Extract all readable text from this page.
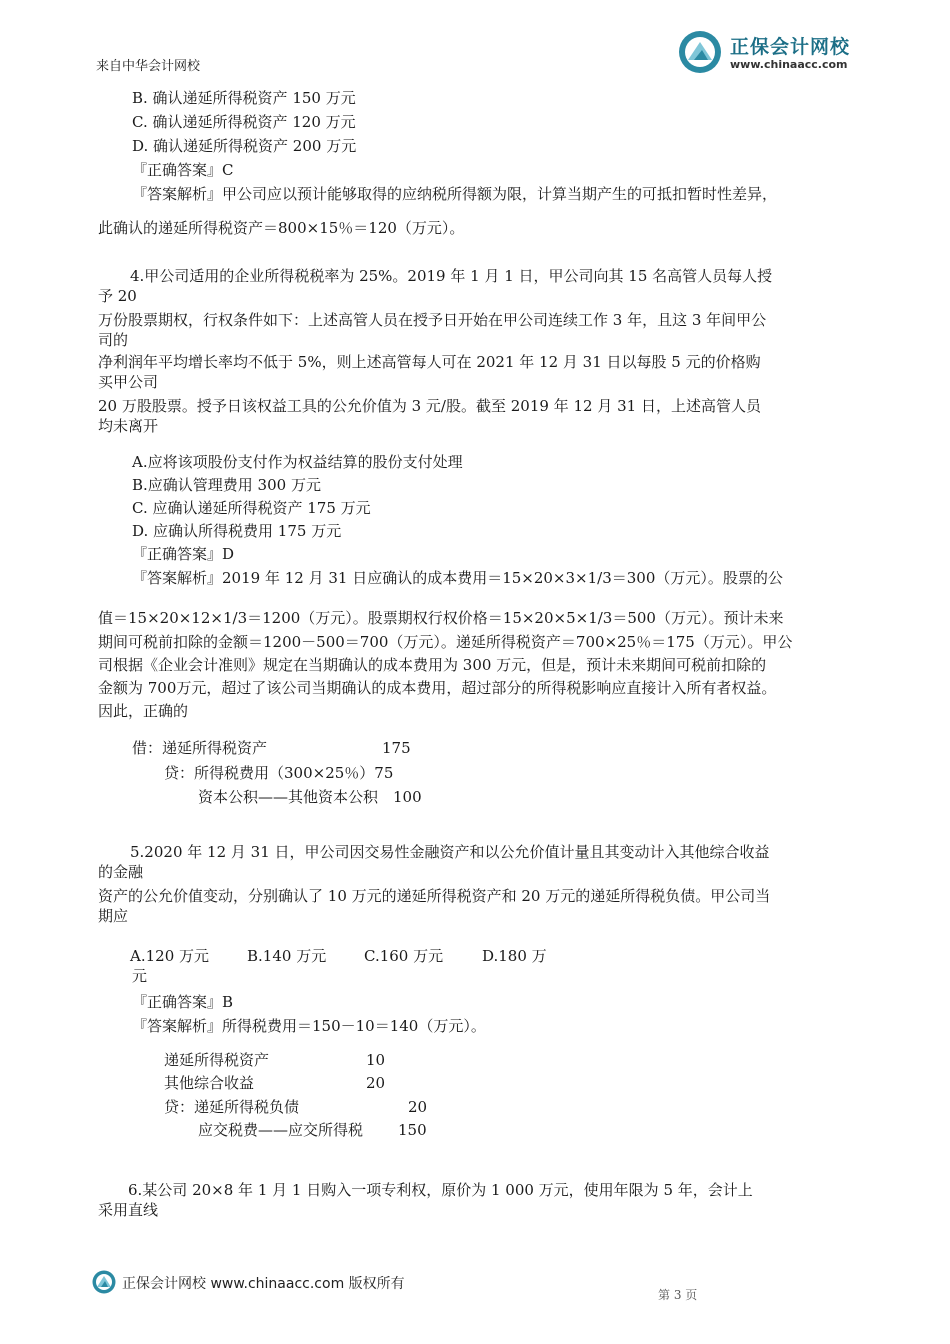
正保会计网校
www.chinaacc.com
来自中华会计网校
B. 确认递延所得税资产 150 万元
C. 确认递延所得税资产 120 万元
D. 确认递延所得税资产 200 万元
『正确答案』C
『答案解析』甲公司应以预计能够取得的应纳税所得额为限，计算当期产生的可抵扣暂时性差异，
此确认的递延所得税资产＝800×15％＝120（万元）。
4.甲公司适用的企业所得税税率为 25%。2019 年 1 月 1 日，甲公司向其 15 名高管人员每人授
予 20
万份股票期权，行权条件如下：上述高管人员在授予日开始在甲公司连续工作 3 年，且这 3 年间甲公
司的
净利润年平均增长率均不低于 5%，则上述高管每人可在 2021 年 12 月 31 日以每股 5 元的价格购
买甲公司
20 万股股票。授予日该权益工具的公允价值为 3 元/股。截至 2019 年 12 月 31 日，上述高管人员
均未离开
A.应将该项股份支付作为权益结算的股份支付处理
B.应确认管理费用 300 万元
C. 应确认递延所得税资产 175 万元
D. 应确认所得税费用 175 万元
『正确答案』D
『答案解析』2019 年 12 月 31 日应确认的成本费用＝15×20×3×1/3＝300（万元）。股票的公
值＝15×20×12×1/3＝1200（万元）。股票期权行权价格＝15×20×5×1/3＝500（万元）。预计未来
期间可税前扣除的金额＝1200－500＝700（万元）。递延所得税资产＝700×25％＝175（万元）。甲公
司根据《企业会计准则》规定在当期确认的成本费用为 300 万元，但是，预计未来期间可税前扣除的
金额为 700万元，超过了该公司当期确认的成本费用，超过部分的所得税影响应直接计入所有者权益。
因此，正确的
借：递延所得税资产	175
贷：所得税费用（300×25％）75
资本公积——其他资本公积　100
5.2020 年 12 月 31 日，甲公司因交易性金融资产和以公允价值计量且其变动计入其他综合收益
的金融
资产的公允价值变动，分别确认了 10 万元的递延所得税资产和 20 万元的递延所得税负债。甲公司当
期应
A.120 万元	B.140 万元	C.160 万元	D.180 万
元
『正确答案』B
『答案解析』所得税费用＝150－10＝140（万元）。
递延所得税资产	10
其他综合收益	20
贷：递延所得税负债	20
应交税费——应交所得税 150
6.某公司 20×8 年 1 月 1 日购入一项专利权，原价为 1 000 万元，使用年限为 5 年，会计上
采用直线
正保会计网校 www.chinaacc.com 版权所有
第 3 页
